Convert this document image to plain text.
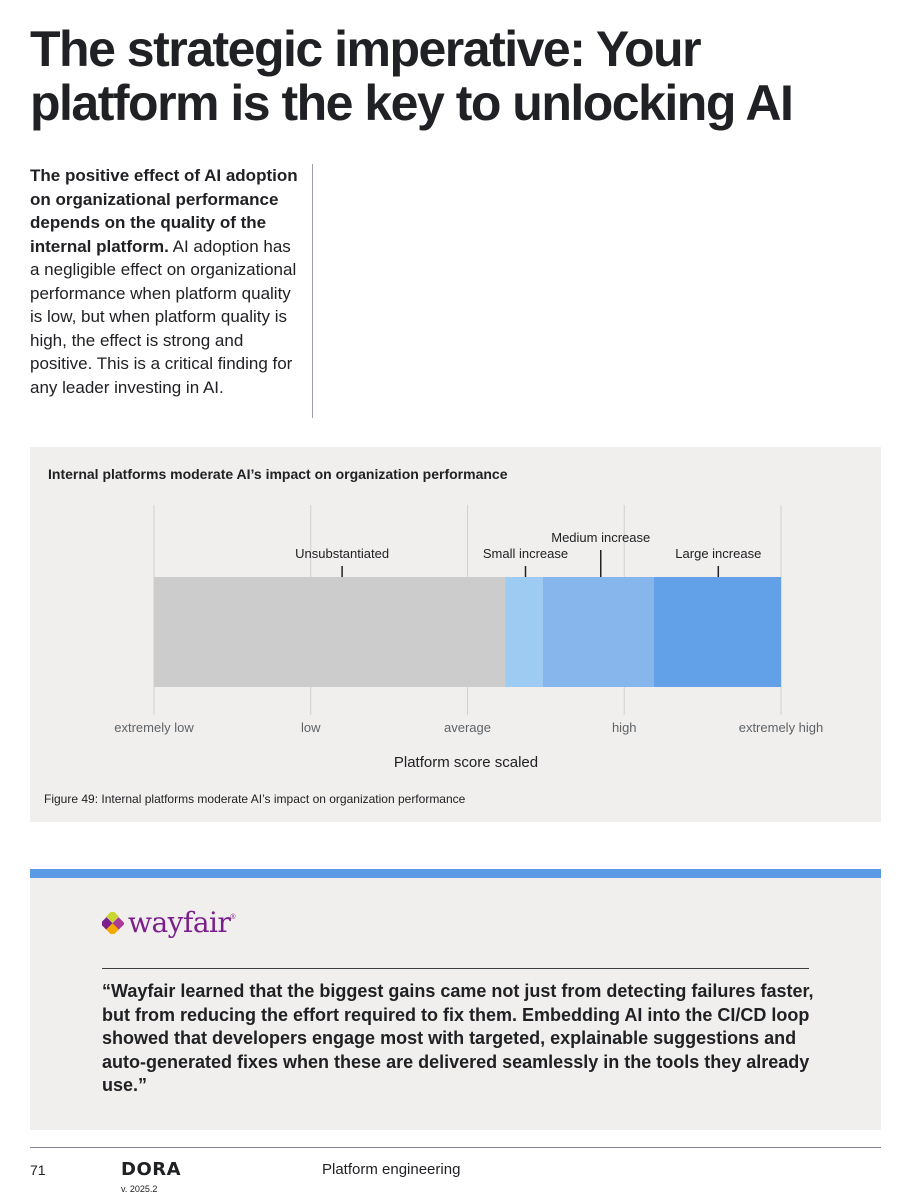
The strategic imperative: Your platform is the key to unlocking AI
The positive effect of AI adoption on organizational performance depends on the quality of the internal platform. AI adoption has a negligible effect on organizational performance when platform quality is low, but when platform quality is high, the effect is strong and positive. This is a critical finding for any leader investing in AI.
Internal platforms moderate AI’s impact on organization performance
Unsubstantiated	Small increase
Medium increase
Large increase
extremely low	low	average	high	extremely high
Platform score scaled
Figure 49: Internal platforms moderate AI’s impact on organization performance
wayfair ®
“Wayfair learned that the biggest gains came not just from detecting failures faster, but from reducing the effort required to fix them. Embedding AI into the CI/CD loop showed that developers engage most with targeted, explainable suggestions and auto-generated fixes when these are delivered seamlessly in the tools they already use.”
71	DORA
v. 2025.2
Platform engineering
